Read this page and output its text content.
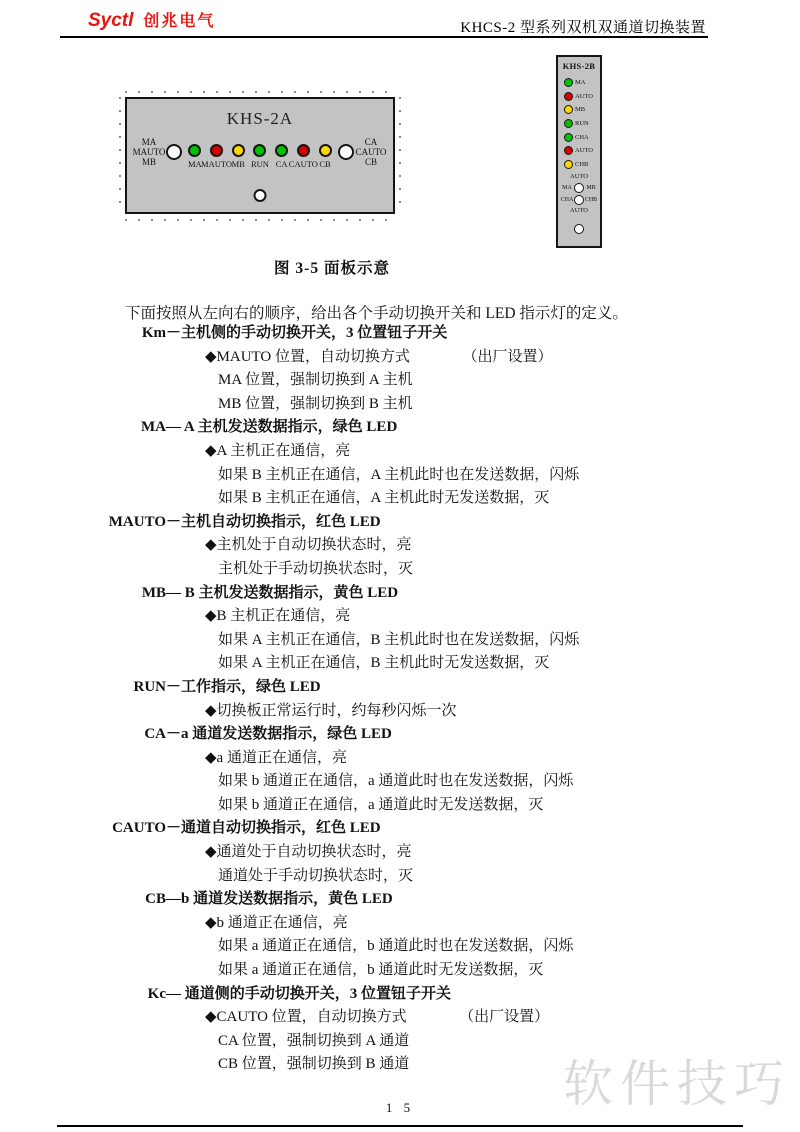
Syctl 创兆电气	KHCS-2 型系列双机双通道切换装置
KHS-2A
MA
MAUTO
MB	MA MAUTO MB RUN CA CAUTO CB
CA
CAUTO
CB
KHS-2B
MA
AUTO
MB
RUN
CHA
AUTO
CHB
AUTO
MA	MB
CHA CHB
AUTO
图 3-5 面板示意
下面按照从左向右的顺序，给出各个手动切换开关和 LED 指示灯的定义。
Km－主机侧的手动切换开关，3 位置钮子开关
◆MAUTO 位置，自动切换方式　　　　（出厂设置）
MA 位置，强制切换到 A 主机
MB 位置，强制切换到 B 主机
MA— A 主机发送数据指示，绿色 LED
◆A 主机正在通信，亮
如果 B 主机正在通信，A 主机此时也在发送数据，闪烁
如果 B 主机正在通信，A 主机此时无发送数据，灭
MAUTO－主机自动切换指示，红色 LED
◆主机处于自动切换状态时，亮
主机处于手动切换状态时，灭
MB— B 主机发送数据指示，黄色 LED
◆B 主机正在通信，亮
如果 A 主机正在通信，B 主机此时也在发送数据，闪烁
如果 A 主机正在通信，B 主机此时无发送数据，灭
RUN－工作指示，绿色 LED
◆切换板正常运行时，约每秒闪烁一次
CA－a 通道发送数据指示，绿色 LED
◆a 通道正在通信，亮
如果 b 通道正在通信，a 通道此时也在发送数据，闪烁
如果 b 通道正在通信，a 通道此时无发送数据，灭
CAUTO－通道自动切换指示，红色 LED
◆通道处于自动切换状态时，亮
通道处于手动切换状态时，灭
CB—b 通道发送数据指示，黄色 LED
◆b 通道正在通信，亮
如果 a 通道正在通信，b 通道此时也在发送数据，闪烁
如果 a 通道正在通信，b 通道此时无发送数据，灭
Kc— 通道侧的手动切换开关，3 位置钮子开关
◆CAUTO 位置，自动切换方式　　　　（出厂设置）
CA 位置，强制切换到 A 通道
CB 位置，强制切换到 B 通道	软件技巧
1 5
